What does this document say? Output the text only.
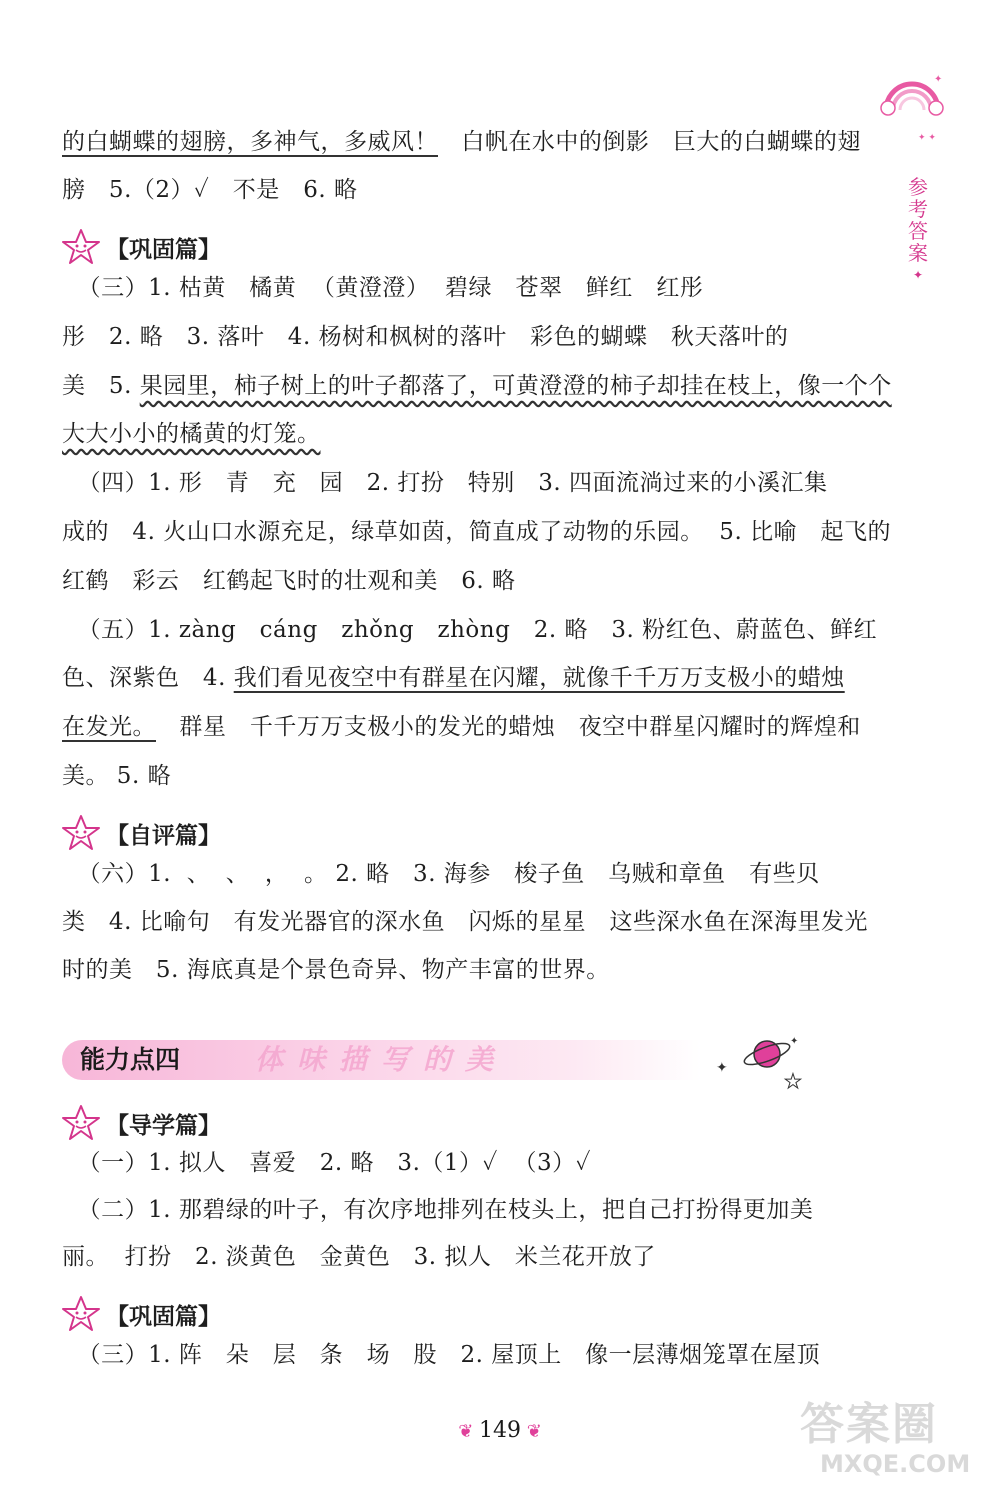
✦
✦ ✦
参
考
答
案
✦
的白蝴蝶的翅膀，多神气，多威风！   白帆在水中的倒影   巨大的白蝴蝶的翅
膀   5.（2）✓   不是   6. 略
【巩固篇】
（三）1. 枯黄   橘黄  （黄澄澄）  碧绿   苍翠   鲜红   红彤
彤   2. 略   3. 落叶   4. 杨树和枫树的落叶   彩色的蝴蝶   秋天落叶的
美   5. 果园里，柿子树上的叶子都落了，可黄澄澄的柿子却挂在枝上，像一个个
大大小小的橘黄的灯笼。
（四）1. 形   青   充   园   2. 打扮   特别   3. 四面流淌过来的小溪汇集
成的   4. 火山口水源充足，绿草如茵，简直成了动物的乐园。  5. 比喻   起飞的
红鹤   彩云   红鹤起飞时的壮观和美   6. 略
（五）1. zàng   cáng   zhǒng   zhòng   2. 略   3. 粉红色、蔚蓝色、鲜红
色、深紫色   4. 我们看见夜空中有群星在闪耀，就像千千万万支极小的蜡烛
在发光。   群星   千千万万支极小的发光的蜡烛   夜空中群星闪耀时的辉煌和
美。 5. 略
【自评篇】
（六）1.  、  、  ，  。 2. 略   3. 海参   梭子鱼   乌贼和章鱼   有些贝
类   4. 比喻句   有发光器官的深水鱼   闪烁的星星   这些深水鱼在深海里发光
时的美   5. 海底真是个景色奇异、物产丰富的世界。
体味描写的美
能力点四	✦
★
✦
【导学篇】
（一）1. 拟人   喜爱   2. 略   3.（1）✓  （3）✓
（二）1. 那碧绿的叶子，有次序地排列在枝头上，把自己打扮得更加美
丽。  打扮   2. 淡黄色   金黄色   3. 拟人   米兰花开放了
【巩固篇】
（三）1. 阵   朵   层   条   场   股   2. 屋顶上   像一层薄烟笼罩在屋顶
❦ 149 ❦	答案圈
MXQE.COM
